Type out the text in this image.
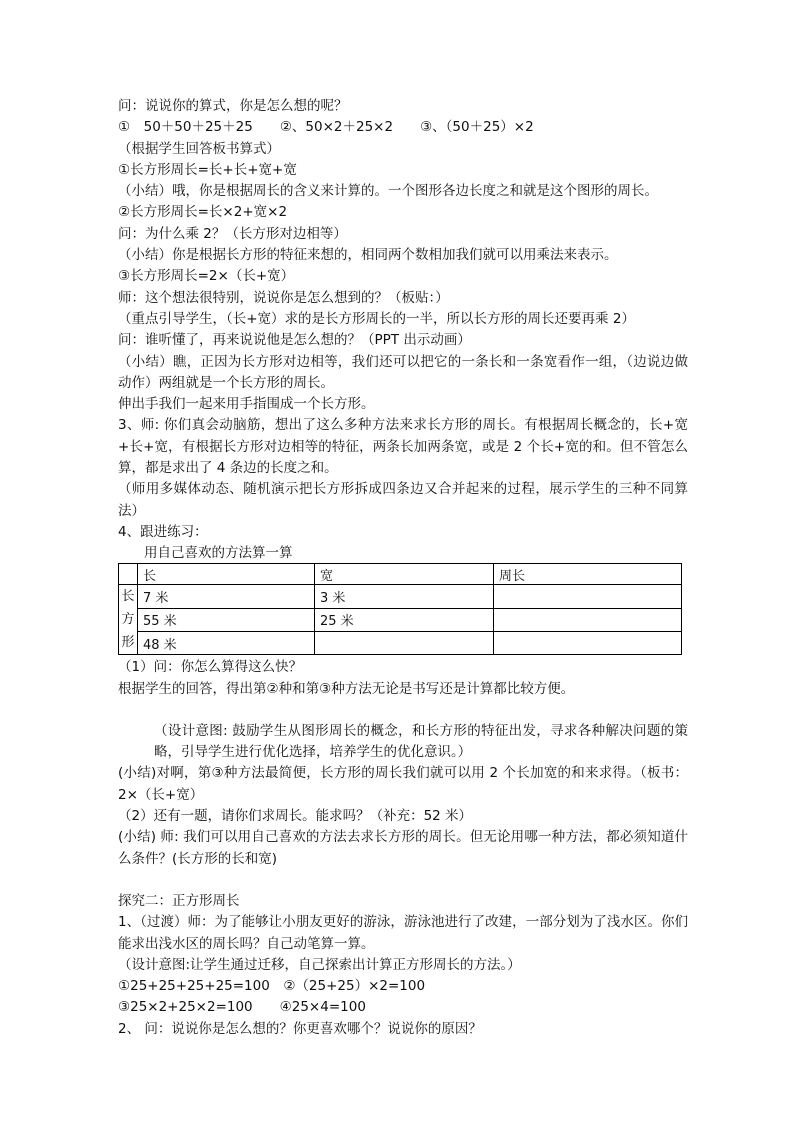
问：说说你的算式，你是怎么想的呢？
①　50＋50＋25＋25　　②、50×2＋25×2　　③、（50＋25）×2
（根据学生回答板书算式）
①长方形周长=长+长+宽+宽
（小结）哦，你是根据周长的含义来计算的。一个图形各边长度之和就是这个图形的周长。
②长方形周长=长×2+宽×2
问：为什么乘 2？（长方形对边相等）
（小结）你是根据长方形的特征来想的，相同两个数相加我们就可以用乘法来表示。
③长方形周长=2×（长+宽）
师：这个想法很特别，说说你是怎么想到的？（板贴：）
（重点引导学生，（长+宽）求的是长方形周长的一半，所以长方形的周长还要再乘 2）
问：谁听懂了，再来说说他是怎么想的？（PPT 出示动画）
（小结）瞧，正因为长方形对边相等，我们还可以把它的一条长和一条宽看作一组，（边说边做动作）两组就是一个长方形的周长。
伸出手我们一起来用手指围成一个长方形。
3、师: 你们真会动脑筋，想出了这么多种方法来求长方形的周长。有根据周长概念的，长+宽+长+宽，有根据长方形对边相等的特征，两条长加两条宽，或是 2 个长+宽的和。但不管怎么算，都是求出了 4 条边的长度之和。
（师用多媒体动态、随机演示把长方形拆成四条边又合并起来的过程，展示学生的三种不同算法）
4、跟进练习：
用自己喜欢的方法算一算
	长	宽	周长

长
方
形	7 米	3 米	
	55 米	25 米	
	48 米		
（1）问：你怎么算得这么快？
根据学生的回答，得出第②种和第③种方法无论是书写还是计算都比较方便。
（设计意图: 鼓励学生从图形周长的概念，和长方形的特征出发，寻求各种解决问题的策略，引导学生进行优化选择，培养学生的优化意识。）
(小结)对啊，第③种方法最简便，长方形的周长我们就可以用 2 个长加宽的和来求得。（板书：2×（长+宽）
（2）还有一题，请你们求周长。能求吗？（补充：52 米）
(小结) 师: 我们可以用自己喜欢的方法去求长方形的周长。但无论用哪一种方法，都必须知道什么条件？(长方形的长和宽)
探究二：正方形周长
1、（过渡）师：为了能够让小朋友更好的游泳，游泳池进行了改建，一部分划为了浅水区。你们能求出浅水区的周长吗？自己动笔算一算。
（设计意图:让学生通过迁移，自己探索出计算正方形周长的方法。）
①25+25+25+25=100　②（25+25）×2=100
③25×2+25×2=100　　④25×4=100
2、 问：说说你是怎么想的？你更喜欢哪个？说说你的原因？
